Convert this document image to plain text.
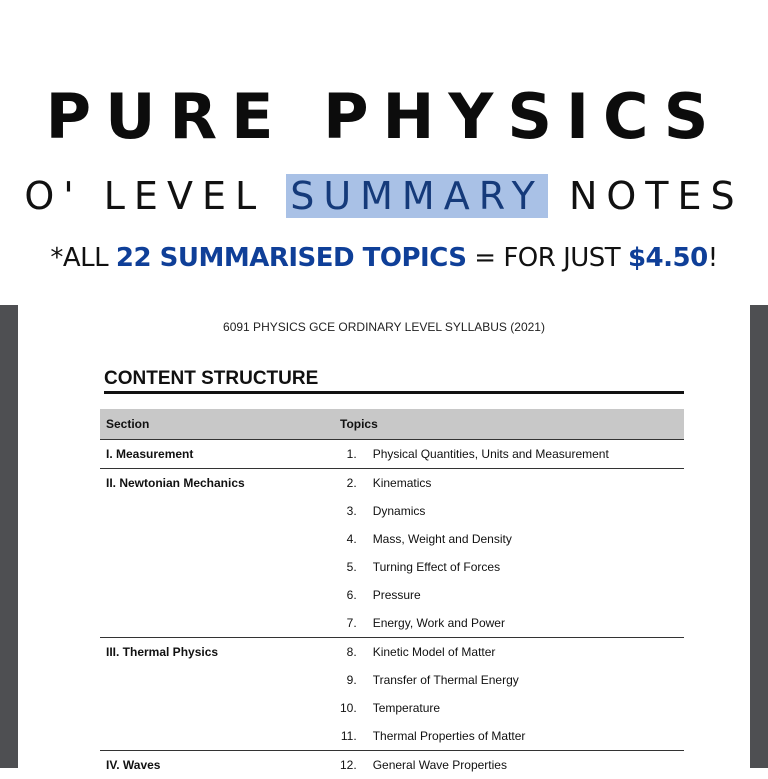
PURE PHYSICS
O' LEVEL SUMMARY NOTES
*ALL 22 SUMMARISED TOPICS = FOR JUST $4.50!
6091 PHYSICS GCE ORDINARY LEVEL SYLLABUS (2021)
CONTENT STRUCTURE
Section	Topics	
I. Measurement	1.	Physical Quantities, Units and Measurement
II. Newtonian Mechanics	2.	Kinematics
	3.	Dynamics
	4.	Mass, Weight and Density
	5.	Turning Effect of Forces
	6.	Pressure
	7.	Energy, Work and Power
III. Thermal Physics	8.	Kinetic Model of Matter
	9.	Transfer of Thermal Energy
	10.	Temperature
	11.	Thermal Properties of Matter
IV. Waves	12.	General Wave Properties
